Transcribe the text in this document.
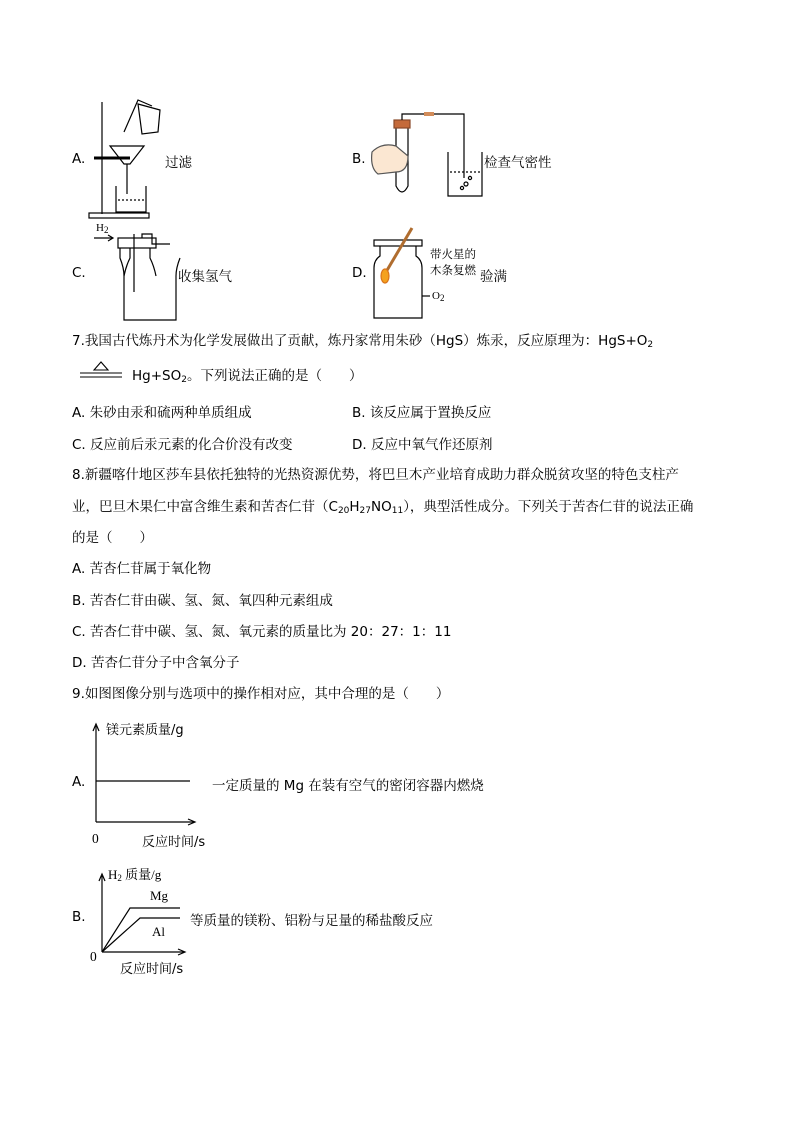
A.	过滤	B.	检查气密性
C.
$H_2$
收集氢气	D.
带火星的
木条复燃
$O_2$
验满
7.我国古代炼丹术为化学发展做出了贡献，炼丹家常用朱砂（HgS）炼汞，反应原理为：$HgS+O_2$
$Hg+SO_2$。下列说法正确的是（　　）
A. 朱砂由汞和硫两种单质组成	B. 该反应属于置换反应
C. 反应前后汞元素的化合价没有改变	D. 反应中氧气作还原剂
8.新疆喀什地区莎车县依托独特的光热资源优势，将巴旦木产业培育成助力群众脱贫攻坚的特色支柱产
业，巴旦木果仁中富含维生素和苦杏仁苷$(C_{20}H_{27}NO_{11})$，典型活性成分。下列关于苦杏仁苷的说法正确
的是（　　）
A. 苦杏仁苷属于氧化物
B. 苦杏仁苷由碳、氢、氮、氧四种元素组成
C. 苦杏仁苷中碳、氢、氮、氧元素的质量比为 20：27：1：11
D. 苦杏仁苷分子中含氧分子
9.如图图像分别与选项中的操作相对应，其中合理的是（　　）
A.
镁元素质量/g
0	反应时间/s
一定质量的 Mg 在装有空气的密闭容器内燃烧
B.
$H_2$ 质量/g
Mg
Al
0
反应时间/s
等质量的镁粉、铝粉与足量的稀盐酸反应
